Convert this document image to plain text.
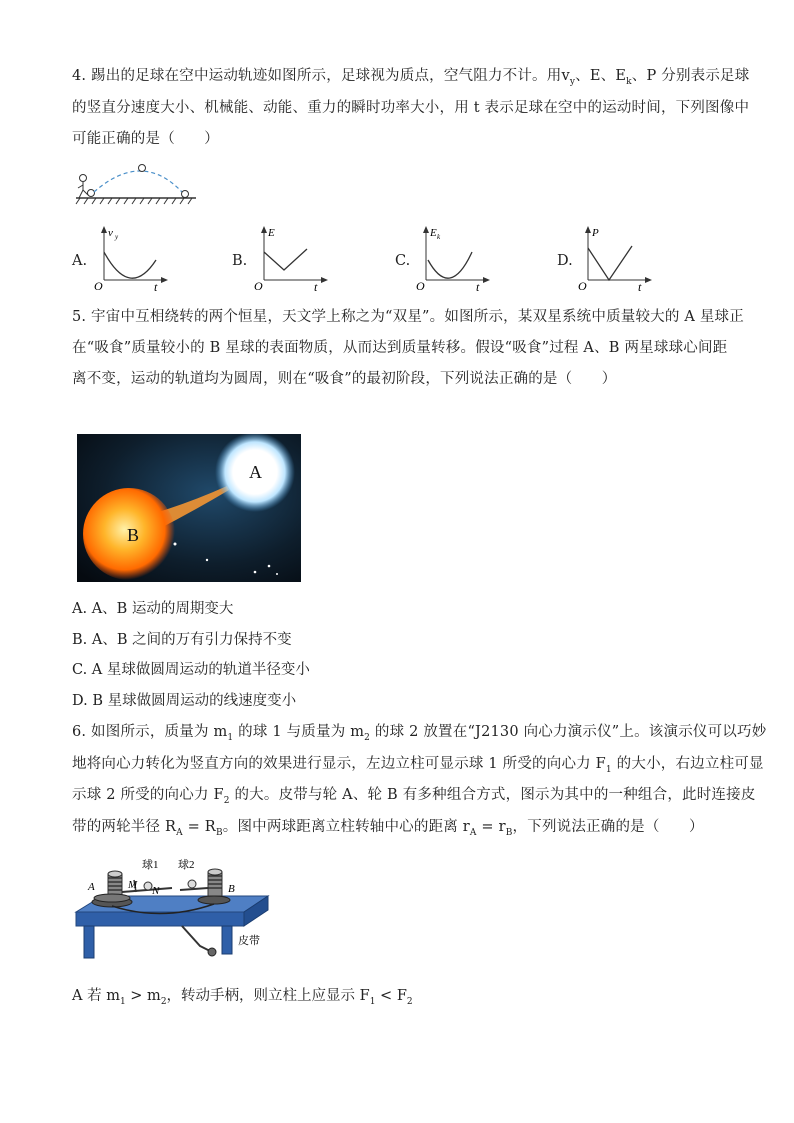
4. 踢出的足球在空中运动轨迹如图所示，足球视为质点，空气阻力不计。用$v_y$、E、$E_k$、P 分别表示足球
的竖直分速度大小、机械能、动能、重力的瞬时功率大小，用 t 表示足球在空中的运动时间，下列图像中
可能正确的是（　　）
A.
v y
O	t
B.
E
O	t
C.
E k
O	t
D.
P
O	t
5. 宇宙中互相绕转的两个恒星，天文学上称之为“双星”。如图所示，某双星系统中质量较大的 A 星球正
在“吸食”质量较小的 B 星球的表面物质，从而达到质量转移。假设“吸食”过程 A、B 两星球球心间距
离不变，运动的轨道均为圆周，则在“吸食”的最初阶段，下列说法正确的是（　　）
A
B
A. A、B 运动的周期变大
B. A、B 之间的万有引力保持不变
C. A 星球做圆周运动的轨道半径变小
D. B 星球做圆周运动的线速度变小
6. 如图所示，质量为 $m_1$ 的球 1 与质量为 $m_2$ 的球 2 放置在“J2130 向心力演示仪”上。该演示仪可以巧妙
地将向心力转化为竖直方向的效果进行显示，左边立柱可显示球 1 所受的向心力 $F_1$ 的大小，右边立柱可显
示球 2 所受的向心力 $F_2$ 的大。皮带与轮 A、轮 B 有多种组合方式，图示为其中的一种组合，此时连接皮
带的两轮半径 $R_A = R_B$。图中两球距离立柱转轴中心的距离 $r_A = r_B$，下列说法正确的是（　　）
球1 球2
M N
A	B
皮带
A 若 $m_1 > m_2$，转动手柄，则立柱上应显示 $F_1 < F_2$
